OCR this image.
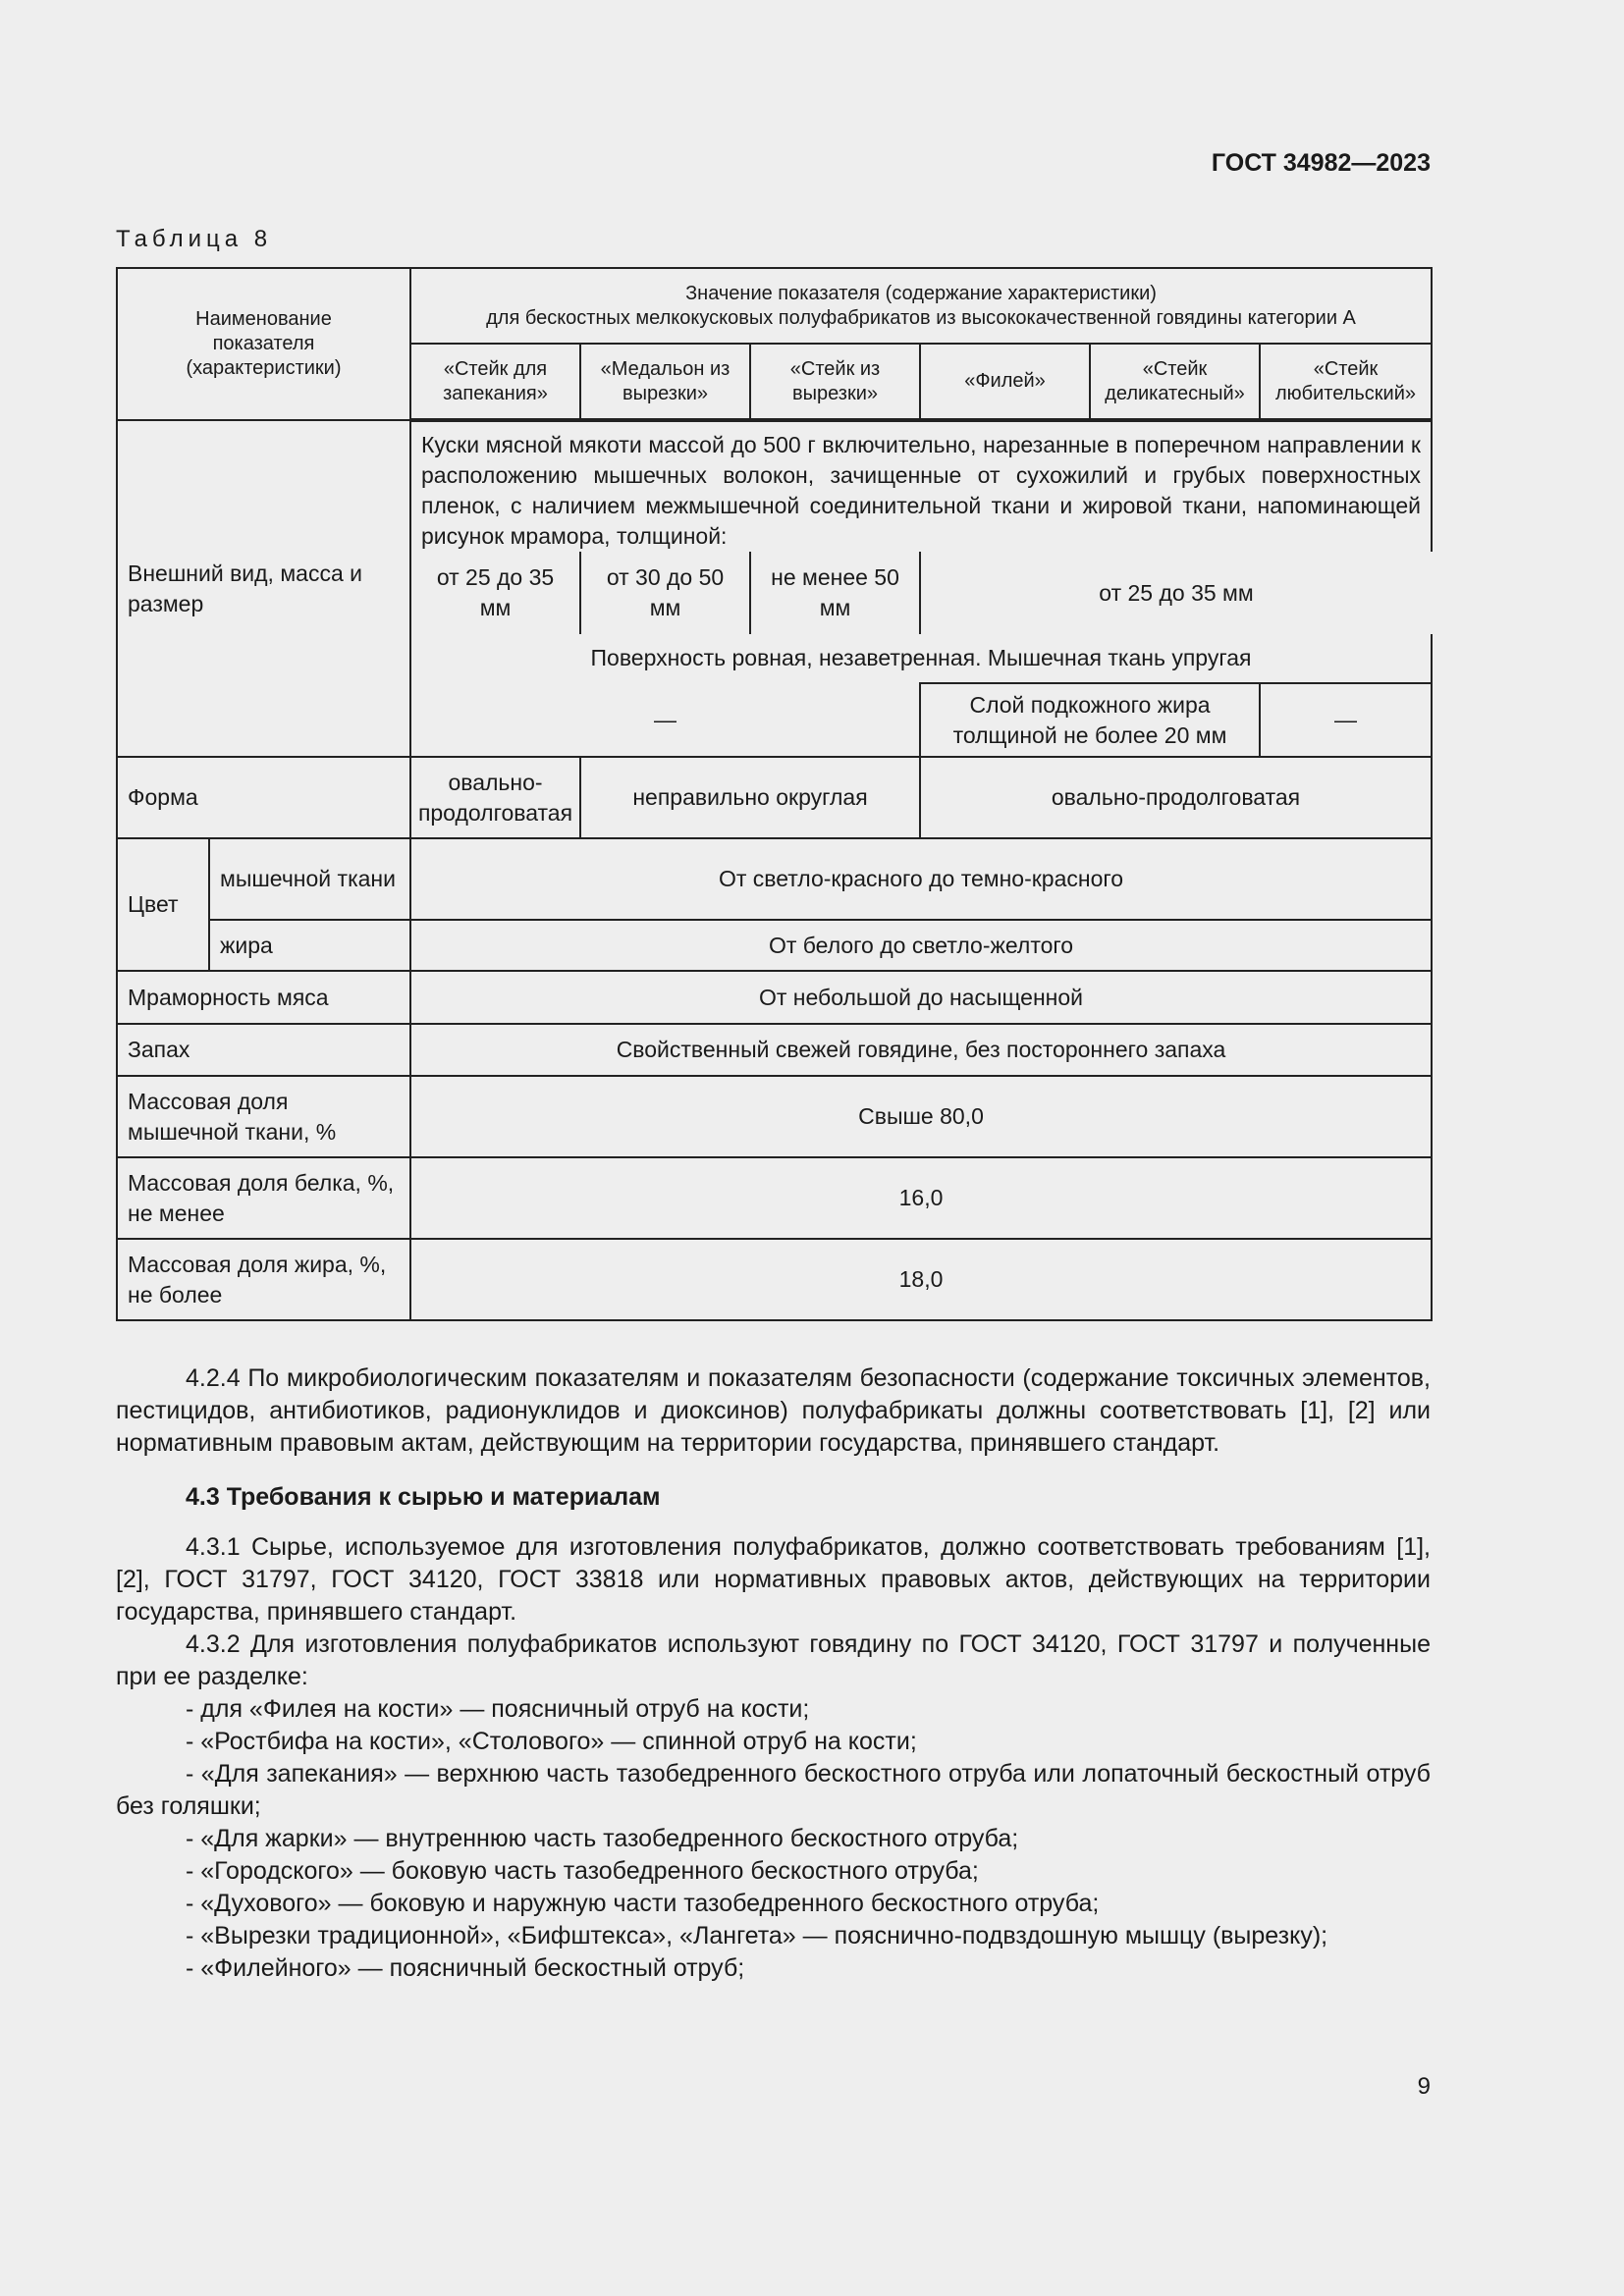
ГОСТ 34982—2023
Таблица 8
Наименование показателя (характеристики)		Значение показателя (содержание характеристики)
для бескостных мелкокусковых полуфабрикатов из высококачественной говядины категории А					

		«Стейк для запекания»	«Медальон из вырезки»	«Стейк из вырезки»	«Филей»	«Стейк деликатесный»	«Стейк любительский»
Внешний вид, масса и размер		Куски мясной мякоти массой до 500 г включительно, нарезанные в поперечном направлении к расположению мышечных волокон, зачищенные от сухожилий и грубых поверхностных пленок, с наличием межмышечной соединительной ткани и жировой ткани, напоминающей рисунок мрамора, толщиной:					
		от 25 до 35 мм	от 30 до 50 мм	не менее 50 мм	от 25 до 35 мм		
		Поверхность ровная, незаветренная. Мышечная ткань упругая					
		—			Слой подкожного жира толщиной не более 20 мм		—
Форма		овально-продолговатая	неправильно округлая		овально-продолговатая		
Цвет	мышечной ткани	От светло-красного до темно-красного					
	жира	От белого до светло-желтого					
Мраморность мяса		От небольшой до насыщенной					
Запах		Свойственный свежей говядине, без постороннего запаха					
Массовая доля мышечной ткани, %		Свыше 80,0					
Массовая доля белка, %, не менее		16,0					
Массовая доля жира, %, не более		18,0					

4.2.4 По микробиологическим показателям и показателям безопасности (содержание токсичных элементов, пестицидов, антибиотиков, радионуклидов и диоксинов) полуфабрикаты должны соответствовать [1], [2] или нормативным правовым актам, действующим на территории государства, принявшего стандарт.

4.3 Требования к сырью и материалам

4.3.1 Сырье, используемое для изготовления полуфабрикатов, должно соответствовать требованиям [1], [2], ГОСТ 31797, ГОСТ 34120, ГОСТ 33818 или нормативных правовых актов, действующих на территории государства, принявшего стандарт.

4.3.2 Для изготовления полуфабрикатов используют говядину по ГОСТ 34120, ГОСТ 31797 и полученные при ее разделке:

- для «Филея на кости» — поясничный отруб на кости;

- «Ростбифа на кости», «Столового» — спинной отруб на кости;

- «Для запекания» — верхнюю часть тазобедренного бескостного отруба или лопаточный бескостный отруб без голяшки;

- «Для жарки» — внутреннюю часть тазобедренного бескостного отруба;

- «Городского» — боковую часть тазобедренного бескостного отруба;

- «Духового» — боковую и наружную части тазобедренного бескостного отруба;

- «Вырезки традиционной», «Бифштекса», «Лангета» — пояснично-подвздошную мышцу (вырезку);

- «Филейного» — поясничный бескостный отруб;

9
